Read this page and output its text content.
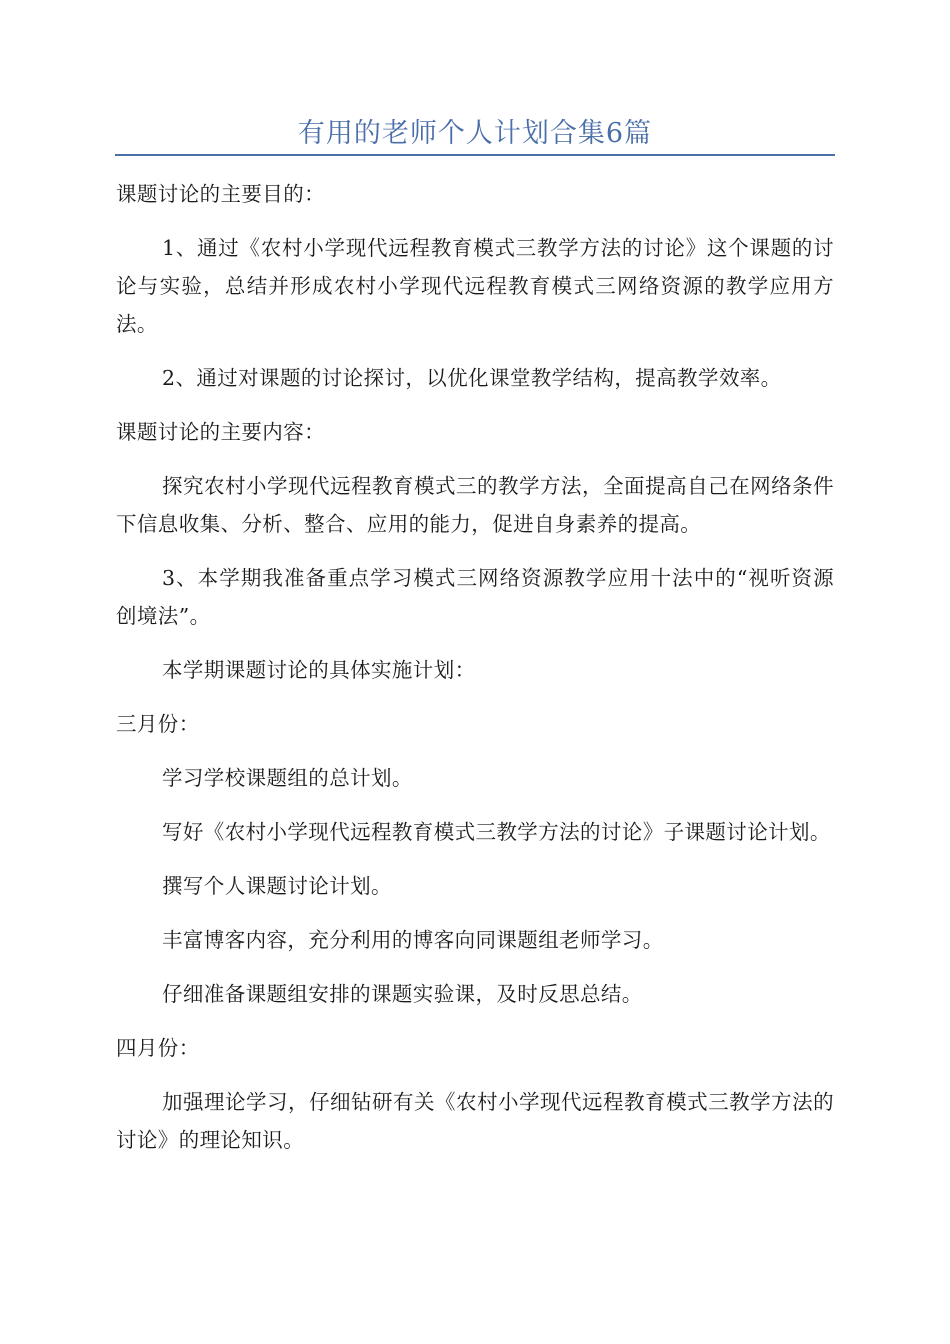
有用的老师个人计划合集6篇

课题讨论的主要目的：

1、通过《农村小学现代远程教育模式三教学方法的讨论》这个课题的讨论与实验，总结并形成农村小学现代远程教育模式三网络资源的教学应用方法。

2、通过对课题的讨论探讨，以优化课堂教学结构，提高教学效率。

课题讨论的主要内容：

探究农村小学现代远程教育模式三的教学方法，全面提高自己在网络条件下信息收集、分析、整合、应用的能力，促进自身素养的提高。

3、本学期我准备重点学习模式三网络资源教学应用十法中的“视听资源创境法”。

本学期课题讨论的具体实施计划：

三月份：

学习学校课题组的总计划。

写好《农村小学现代远程教育模式三教学方法的讨论》子课题讨论计划。

撰写个人课题讨论计划。

丰富博客内容，充分利用的博客向同课题组老师学习。

仔细准备课题组安排的课题实验课，及时反思总结。

四月份：

加强理论学习，仔细钻研有关《农村小学现代远程教育模式三教学方法的讨论》的理论知识。
